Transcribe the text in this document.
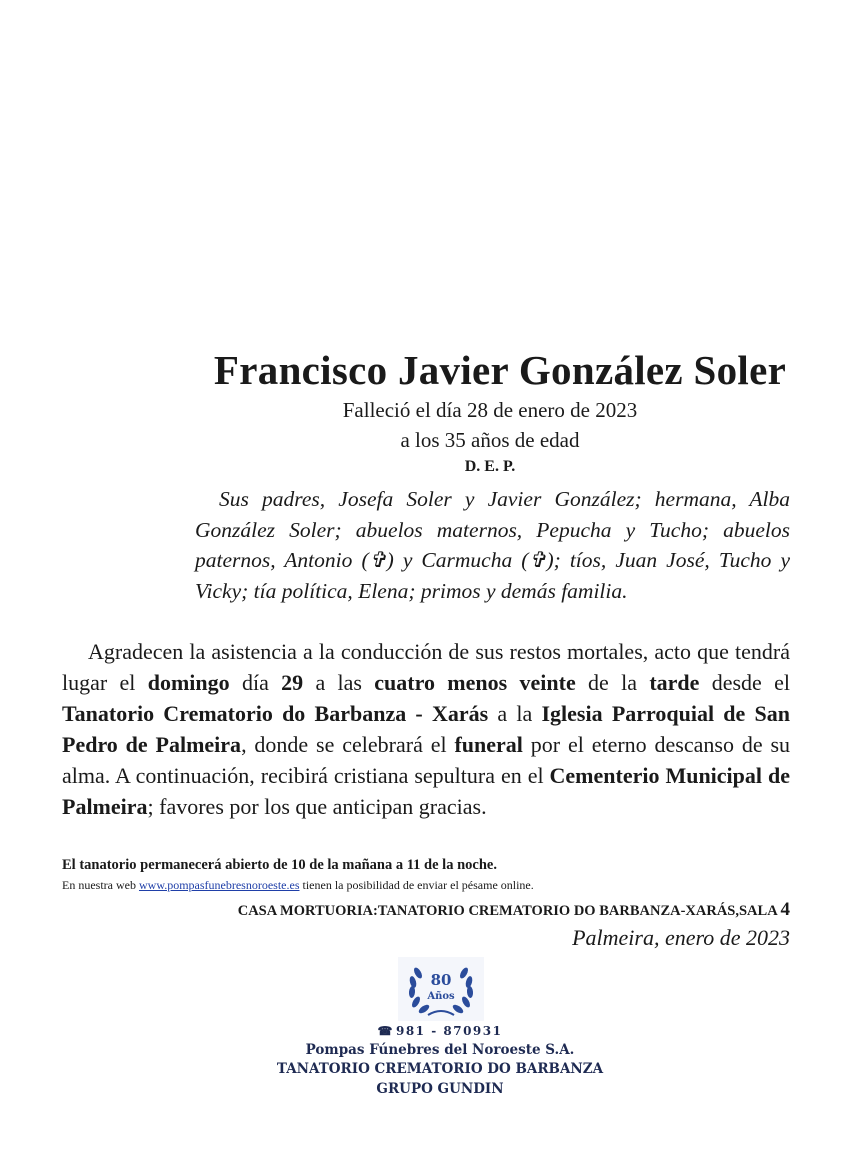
Francisco Javier González Soler
Falleció el día 28 de enero de 2023
a los 35 años de edad
D. E. P.

Sus padres, Josefa Soler y Javier González; hermana, Alba González Soler; abuelos maternos, Pepucha y Tucho; abuelos paternos, Antonio (✞) y Carmucha (✞); tíos, Juan José, Tucho y Vicky; tía política, Elena; primos y demás familia.

Agradecen la asistencia a la conducción de sus restos mortales, acto que tendrá lugar el domingo día 29 a las cuatro menos veinte de la tarde desde el Tanatorio Crematorio do Barbanza - Xarás a la Iglesia Parroquial de San Pedro de Palmeira, donde se celebrará el funeral por el eterno descanso de su alma. A continuación, recibirá cristiana sepultura en el Cementerio Municipal de Palmeira; favores por los que anticipan gracias.

El tanatorio permanecerá abierto de 10 de la mañana a 11 de la noche.
En nuestra web www.pompasfunebresnoroeste.es tienen la posibilidad de enviar el pésame online.
CASA MORTUORIA:TANATORIO CREMATORIO DO BARBANZA-XARÁS,SALA 4
Palmeira, enero de 2023
80
Años
☎ 981 - 870931
Pompas Fúnebres del Noroeste S.A.
TANATORIO CREMATORIO DO BARBANZA
GRUPO GUNDIN
